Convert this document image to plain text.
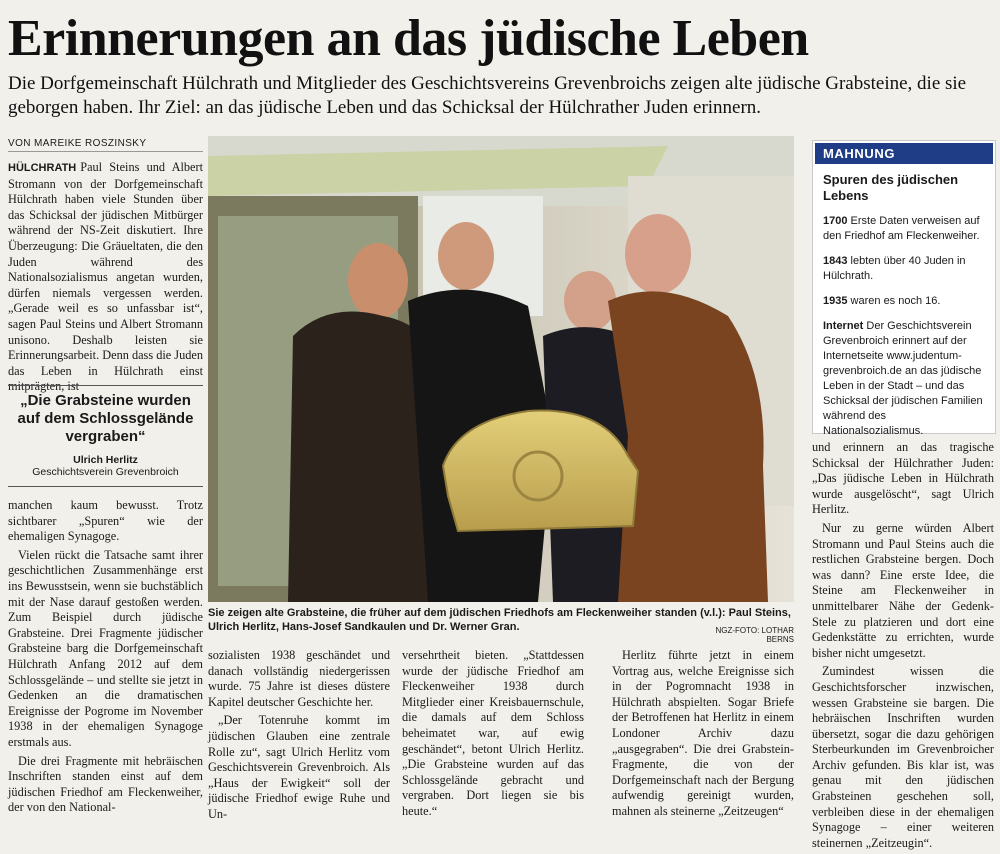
Erinnerungen an das jüdische Leben
Die Dorfgemeinschaft Hülchrath und Mitglieder des Geschichtsvereins Grevenbroichs zeigen alte jüdische Grabsteine, die sie geborgen haben. Ihr Ziel: an das jüdische Leben und das Schicksal der Hülchrather Juden erinnern.
VON MAREIKE ROSZINSKY

HÜLCHRATH Paul Steins und Albert Stromann von der Dorfgemeinschaft Hülchrath haben viele Stunden über das Schicksal der jüdischen Mitbürger während der NS-Zeit diskutiert. Ihre Überzeugung: Die Gräueltaten, die den Juden während des Nationalsozialismus angetan wurden, dürfen niemals vergessen werden. „Gerade weil es so unfassbar ist“, sagen Paul Steins und Albert Stromann unisono. Deshalb leisten sie Erinnerungsarbeit. Denn dass die Juden das Leben in Hülchrath einst mitprägten, ist

„Die Grabsteine wurden auf dem Schlossgelände vergraben“
Ulrich Herlitz
Geschichtsverein Grevenbroich

manchen kaum bewusst. Trotz sichtbarer „Spuren“ wie der ehemaligen Synagoge.

Vielen rückt die Tatsache samt ihrer geschichtlichen Zusammenhänge erst ins Bewusstsein, wenn sie buchstäblich mit der Nase darauf gestoßen werden. Zum Beispiel durch jüdische Grabsteine. Drei Fragmente jüdischer Grabsteine barg die Dorfgemeinschaft Hülchrath Anfang 2012 auf dem Schlossgelände – und stellte sie jetzt in Gedenken an die dramatischen Ereignisse der Pogrome im November 1938 in der ehemaligen Synagoge erstmals aus.

Die drei Fragmente mit hebräischen Inschriften standen einst auf dem jüdischen Friedhof am Fleckenweiher, der von den National-

Sie zeigen alte Grabsteine, die früher auf dem jüdischen Friedhofs am Fleckenweiher standen (v.l.): Paul Steins, Ulrich Herlitz, Hans-Josef Sandkaulen und Dr. Werner Gran.	NGZ-FOTO: LOTHAR BERNS
MAHNUNG
Spuren des jüdischen Lebens
1700 Erste Daten verweisen auf den Friedhof am Fleckenweiher.
1843 lebten über 40 Juden in Hülchrath.
1935 waren es noch 16.
Internet Der Geschichtsverein Grevenbroich erinnert auf der Internetseite www.judentum-grevenbroich.de an das jüdische Leben in der Stadt – und das Schicksal der jüdischen Familien während des Nationalsozialismus.

sozialisten 1938 geschändet und danach vollständig niedergerissen wurde. 75 Jahre ist dieses düstere Kapitel deutscher Geschichte her.

„Der Totenruhe kommt im jüdischen Glauben eine zentrale Rolle zu“, sagt Ulrich Herlitz vom Geschichtsverein Grevenbroich. Als „Haus der Ewigkeit“ soll der jüdische Friedhof ewige Ruhe und Un-

versehrtheit bieten. „Stattdessen wurde der jüdische Friedhof am Fleckenweiher 1938 durch Mitglieder einer Kreisbauernschule, die damals auf dem Schloss beheimatet war, auf ewig geschändet“, betont Ulrich Herlitz. „Die Grabsteine wurden auf das Schlossgelände gebracht und vergraben. Dort liegen sie bis heute.“

Herlitz führte jetzt in einem Vortrag aus, welche Ereignisse sich in der Pogromnacht 1938 in Hülchrath abspielten. Sogar Briefe der Betroffenen hat Herlitz in einem Londoner Archiv dazu „ausgegraben“. Die drei Grabstein-Fragmente, die von der Dorfgemeinschaft nach der Bergung aufwendig gereinigt wurden, mahnen als steinerne „Zeitzeugen“

und erinnern an das tragische Schicksal der Hülchrather Juden: „Das jüdische Leben in Hülchrath wurde ausgelöscht“, sagt Ulrich Herlitz.

Nur zu gerne würden Albert Stromann und Paul Steins auch die restlichen Grabsteine bergen. Doch was dann? Eine erste Idee, die Steine am Fleckenweiher in unmittelbarer Nähe der Gedenk-Stele zu platzieren und dort eine Gedenkstätte zu errichten, wurde bisher nicht umgesetzt.

Zumindest wissen die Geschichtsforscher inzwischen, wessen Grabsteine sie bargen. Die hebräischen Inschriften wurden übersetzt, sogar die dazu gehörigen Sterbeurkunden im Grevenbroicher Archiv gefunden. Bis klar ist, was genau mit den jüdischen Grabsteinen geschehen soll, verbleiben diese in der ehemaligen Synagoge – einer weiteren steinernen „Zeitzeugin“.
